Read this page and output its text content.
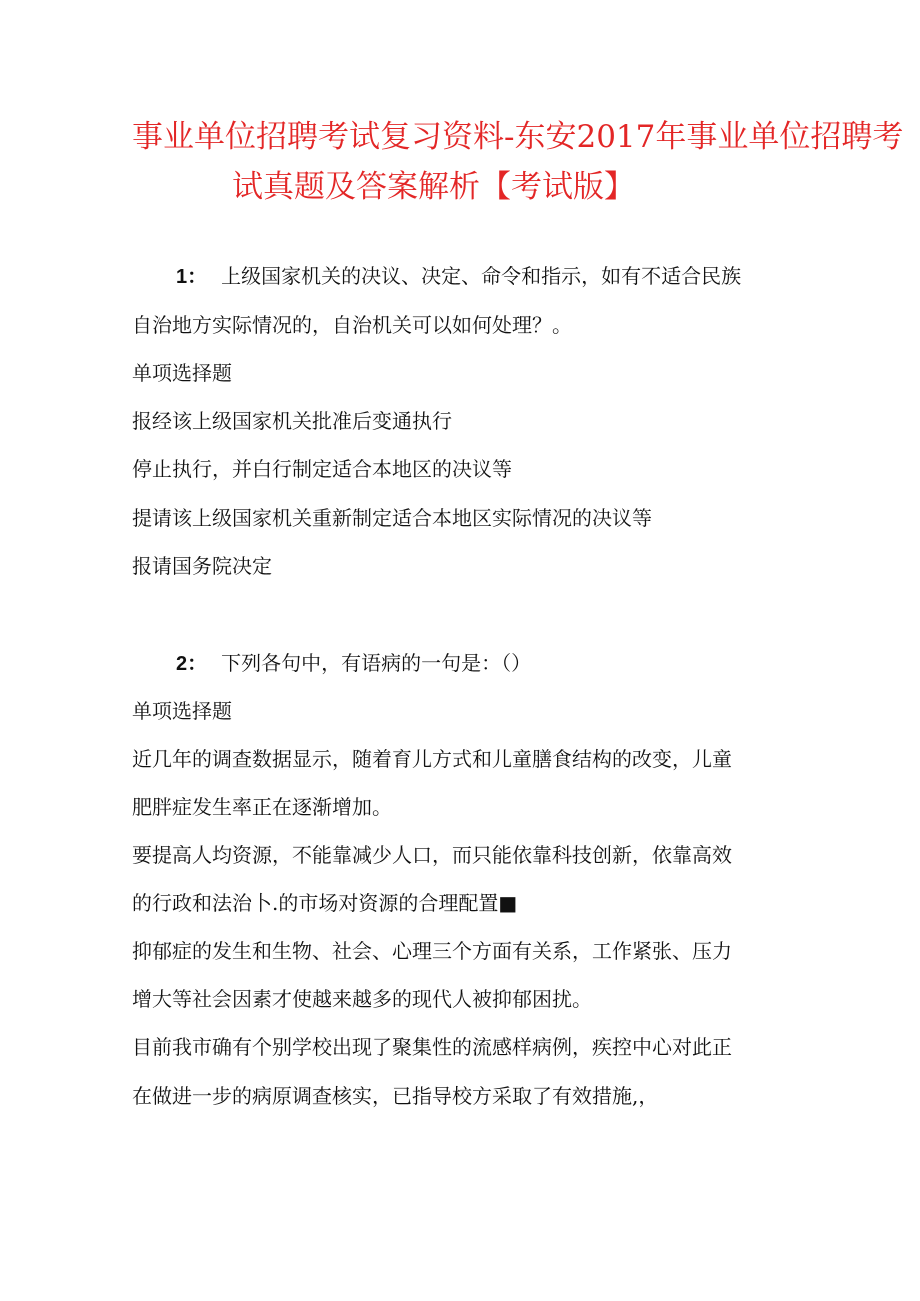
事业单位招聘考试复习资料-东安2017年事业单位招聘考
试真题及答案解析【考试版】
1： 上级国家机关的决议、决定、命令和指示，如有不适合民族
自治地方实际情况的，自治机关可以如何处理？。
单项选择题
报经该上级国家机关批准后变通执行
停止执行，并白行制定适合本地区的决议等
提请该上级国家机关重新制定适合本地区实际情况的决议等
报请国务院决定
2： 下列各句中，有语病的一句是：（）
单项选择题
近几年的调查数据显示，随着育儿方式和儿童膳食结构的改变，儿童
肥胖症发生率正在逐渐增加。
要提高人均资源，不能靠减少人口，而只能依靠科技创新，依靠高效
的行政和法治卜.的市场对资源的合理配置■
抑郁症的发生和生物、社会、心理三个方面有关系，工作紧张、压力
增大等社会因素才使越来越多的现代人被抑郁困扰。
目前我市确有个别学校出现了聚集性的流感样病例，疾控中心对此正
在做进一步的病原调查核实，已指导校方采取了有效措施,，
